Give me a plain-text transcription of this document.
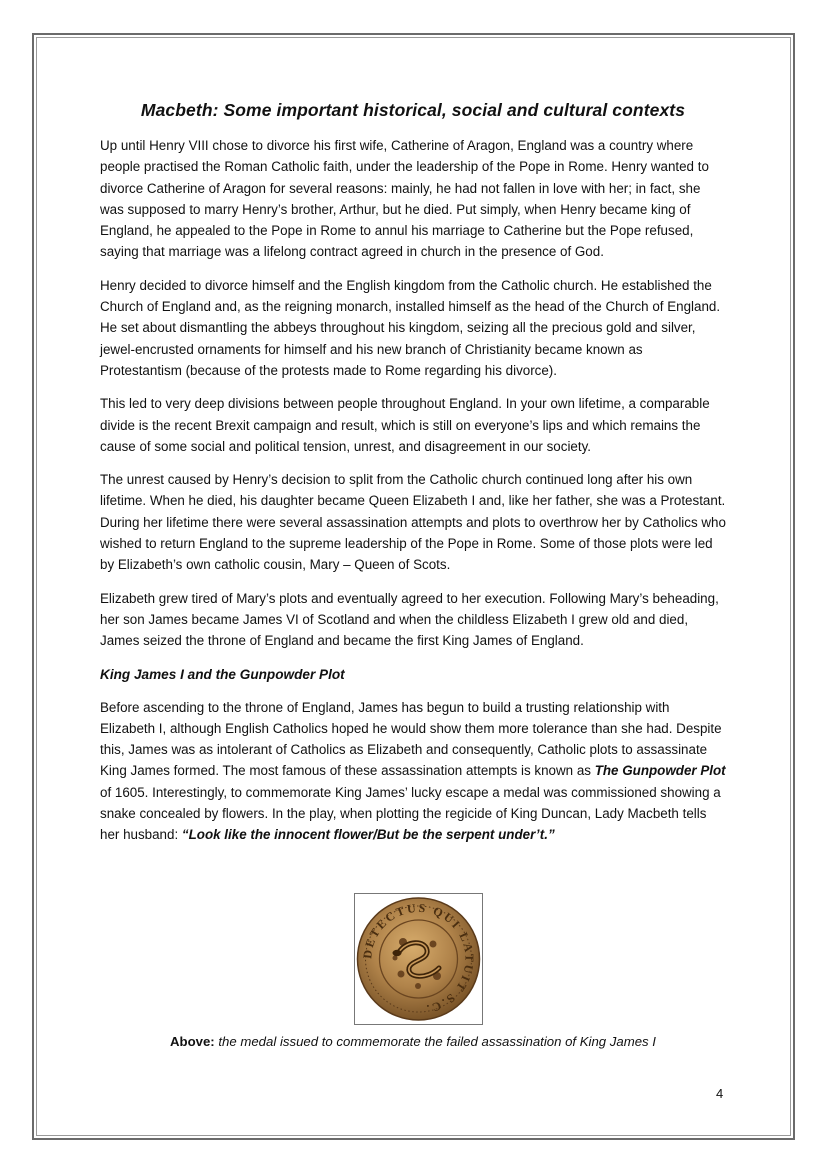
Macbeth: Some important historical, social and cultural contexts

Up until Henry VIII chose to divorce his first wife, Catherine of Aragon, England was a country where people practised the Roman Catholic faith, under the leadership of the Pope in Rome. Henry wanted to divorce Catherine of Aragon for several reasons: mainly, he had not fallen in love with her; in fact, she was supposed to marry Henry’s brother, Arthur, but he died. Put simply, when Henry became king of England, he appealed to the Pope in Rome to annul his marriage to Catherine but the Pope refused, saying that marriage was a lifelong contract agreed in church in the presence of God.

Henry decided to divorce himself and the English kingdom from the Catholic church. He established the Church of England and, as the reigning monarch, installed himself as the head of the Church of England. He set about dismantling the abbeys throughout his kingdom, seizing all the precious gold and silver, jewel-encrusted ornaments for himself and his new branch of Christianity became known as Protestantism (because of the protests made to Rome regarding his divorce).

This led to very deep divisions between people throughout England. In your own lifetime, a comparable divide is the recent Brexit campaign and result, which is still on everyone’s lips and which remains the cause of some social and political tension, unrest, and disagreement in our society.

The unrest caused by Henry’s decision to split from the Catholic church continued long after his own lifetime. When he died, his daughter became Queen Elizabeth I and, like her father, she was a Protestant. During her lifetime there were several assassination attempts and plots to overthrow her by Catholics who wished to return England to the supreme leadership of the Pope in Rome. Some of those plots were led by Elizabeth’s own catholic cousin, Mary – Queen of Scots.

Elizabeth grew tired of Mary’s plots and eventually agreed to her execution. Following Mary’s beheading, her son James became James VI of Scotland and when the childless Elizabeth I grew old and died, James seized the throne of England and became the first King James of England.

King James I and the Gunpowder Plot

Before ascending to the throne of England, James has begun to build a trusting relationship with Elizabeth I, although English Catholics hoped he would show them more tolerance than she had. Despite this, James was as intolerant of Catholics as Elizabeth and consequently, Catholic plots to assassinate King James formed. The most famous of these assassination attempts is known as The Gunpowder Plot of 1605. Interestingly, to commemorate King James’ lucky escape a medal was commissioned showing a snake concealed by flowers. In the play, when plotting the regicide of King Duncan, Lady Macbeth tells her husband: “Look like the innocent flower/But be the serpent under’t.”

DETECTUS QUI LATUIT S.C.
Above: the medal issued to commemorate the failed assassination of King James I
4
